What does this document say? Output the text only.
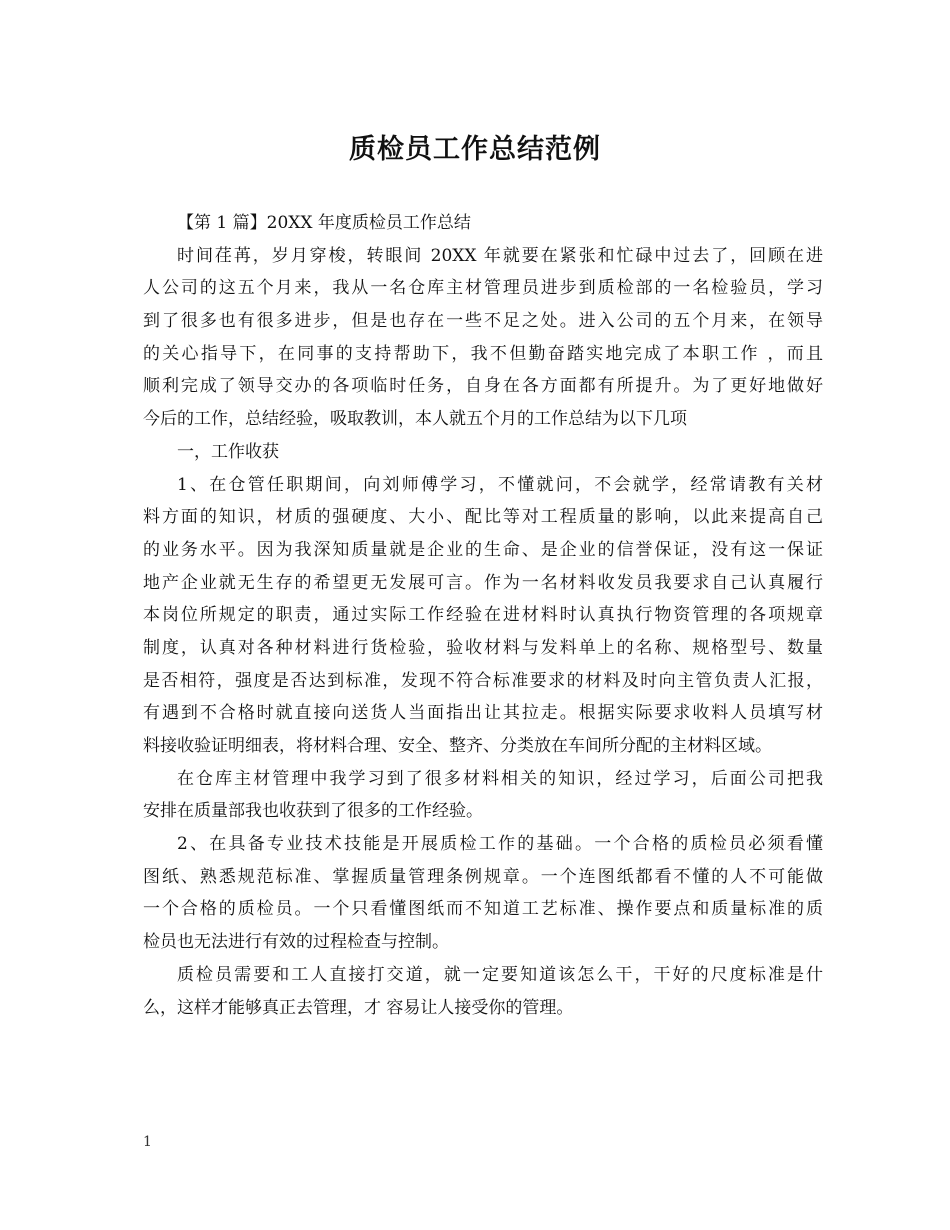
质检员工作总结范例
【第 1 篇】20XX 年度质检员工作总结
时间荏苒，岁月穿梭，转眼间 20XX 年就要在紧张和忙碌中过去了，回顾在进
人公司的这五个月来，我从一名仓库主材管理员进步到质检部的一名检验员，学习
到了很多也有很多进步，但是也存在一些不足之处。进入公司的五个月来，在领导
的关心指导下，在同事的支持帮助下，我不但勤奋踏实地完成了本职工作 ，而且
顺利完成了领导交办的各项临时任务，自身在各方面都有所提升。为了更好地做好
今后的工作，总结经验，吸取教训，本人就五个月的工作总结为以下几项
一，工作收获
1、在仓管任职期间，向刘师傅学习，不懂就问，不会就学，经常请教有关材
料方面的知识，材质的强硬度、大小、配比等对工程质量的影响，以此来提高自己
的业务水平。因为我深知质量就是企业的生命、是企业的信誉保证，没有这一保证
地产企业就无生存的希望更无发展可言。作为一名材料收发员我要求自己认真履行
本岗位所规定的职责，通过实际工作经验在进材料时认真执行物资管理的各项规章
制度，认真对各种材料进行货检验，验收材料与发料单上的名称、规格型号、数量
是否相符，强度是否达到标准，发现不符合标准要求的材料及时向主管负责人汇报，
有遇到不合格时就直接向送货人当面指出让其拉走。根据实际要求收料人员填写材
料接收验证明细表，将材料合理、安全、整齐、分类放在车间所分配的主材料区域。
在仓库主材管理中我学习到了很多材料相关的知识，经过学习，后面公司把我
安排在质量部我也收获到了很多的工作经验。
2、在具备专业技术技能是开展质检工作的基础。一个合格的质检员必须看懂
图纸、熟悉规范标准、掌握质量管理条例规章。一个连图纸都看不懂的人不可能做
一个合格的质检员。一个只看懂图纸而不知道工艺标准、操作要点和质量标准的质
检员也无法进行有效的过程检查与控制。
质检员需要和工人直接打交道，就一定要知道该怎么干，干好的尺度标准是什
么，这样才能够真正去管理，才 容易让人接受你的管理。
1
